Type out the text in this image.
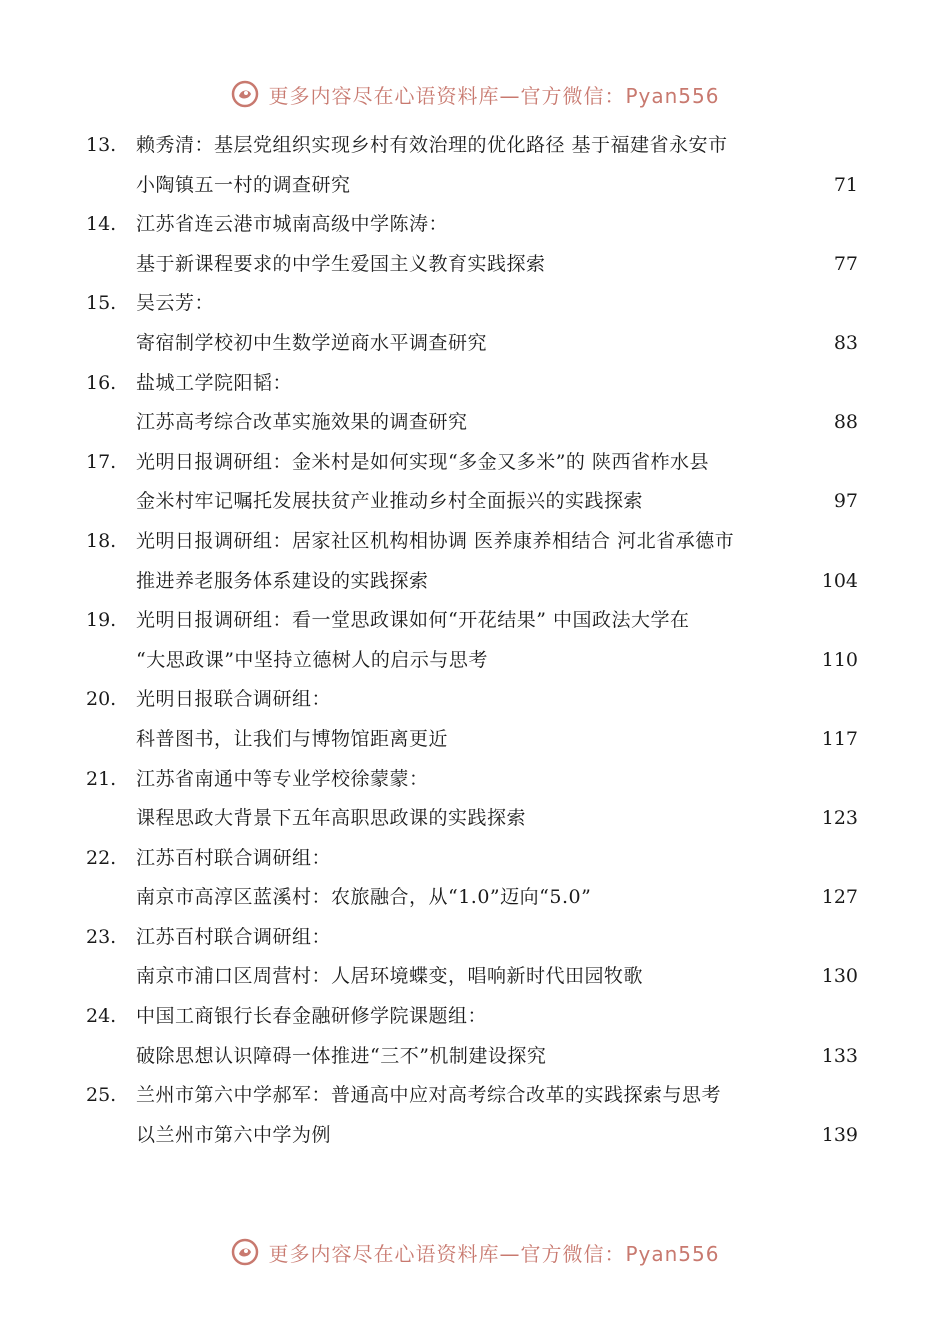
更多内容尽在心语资料库—官方微信：Pyan556
13.	赖秀清：基层党组织实现乡村有效治理的优化路径 基于福建省永安市
小陶镇五一村的调查研究	71
14.	江苏省连云港市城南高级中学陈涛：
基于新课程要求的中学生爱国主义教育实践探索	77
15.	吴云芳：
寄宿制学校初中生数学逆商水平调查研究	83
16.	盐城工学院阳韬：
江苏高考综合改革实施效果的调查研究	88
17.	光明日报调研组：金米村是如何实现“多金又多米”的 陕西省柞水县
金米村牢记嘱托发展扶贫产业推动乡村全面振兴的实践探索	97
18.	光明日报调研组：居家社区机构相协调 医养康养相结合 河北省承德市
推进养老服务体系建设的实践探索	104
19.	光明日报调研组：看一堂思政课如何“开花结果” 中国政法大学在
“大思政课”中坚持立德树人的启示与思考	110
20.	光明日报联合调研组：
科普图书，让我们与博物馆距离更近	117
21.	江苏省南通中等专业学校徐蒙蒙：
课程思政大背景下五年高职思政课的实践探索	123
22.	江苏百村联合调研组：
南京市高淳区蓝溪村：农旅融合，从“1.0”迈向“5.0”	127
23.	江苏百村联合调研组：
南京市浦口区周营村：人居环境蝶变，唱响新时代田园牧歌	130
24.	中国工商银行长春金融研修学院课题组：
破除思想认识障碍一体推进“三不”机制建设探究	133
25.	兰州市第六中学郝军：普通高中应对高考综合改革的实践探索与思考
以兰州市第六中学为例	139
更多内容尽在心语资料库—官方微信：Pyan556
